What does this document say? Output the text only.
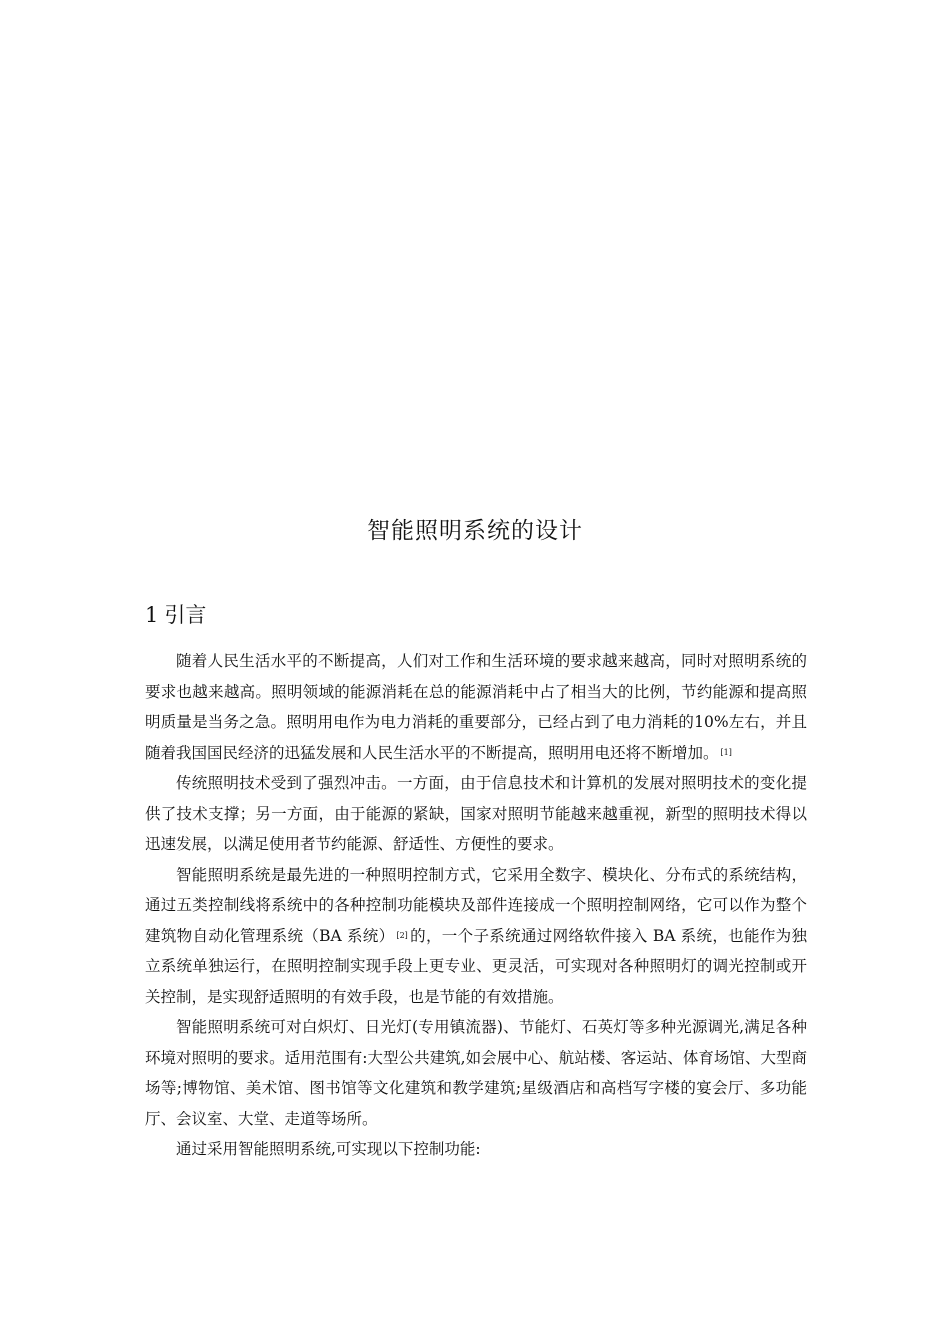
智能照明系统的设计
1 引言

随着人民生活水平的不断提高，人们对工作和生活环境的要求越来越高，同时对照明系统的要求也越来越高。照明领域的能源消耗在总的能源消耗中占了相当大的比例，节约能源和提高照明质量是当务之急。照明用电作为电力消耗的重要部分，已经占到了电力消耗的10%左右，并且随着我国国民经济的迅猛发展和人民生活水平的不断提高，照明用电还将不断增加。 [1]

传统照明技术受到了强烈冲击。一方面，由于信息技术和计算机的发展对照明技术的变化提供了技术支撑；另一方面，由于能源的紧缺，国家对照明节能越来越重视，新型的照明技术得以迅速发展，以满足使用者节约能源、舒适性、方便性的要求。

智能照明系统是最先进的一种照明控制方式，它采用全数字、模块化、分布式的系统结构，通过五类控制线将系统中的各种控制功能模块及部件连接成一个照明控制网络，它可以作为整个建筑物自动化管理系统（BA 系统） [2] 的，一个子系统通过网络软件接入 BA 系统，也能作为独立系统单独运行，在照明控制实现手段上更专业、更灵活，可实现对各种照明灯的调光控制或开关控制，是实现舒适照明的有效手段，也是节能的有效措施。

智能照明系统可对白炽灯、日光灯(专用镇流器)、节能灯、石英灯等多种光源调光,满足各种环境对照明的要求。适用范围有:大型公共建筑,如会展中心、航站楼、客运站、体育场馆、大型商场等;博物馆、美术馆、图书馆等文化建筑和教学建筑;星级酒店和高档写字楼的宴会厅、多功能厅、会议室、大堂、走道等场所。

通过采用智能照明系统,可实现以下控制功能:
